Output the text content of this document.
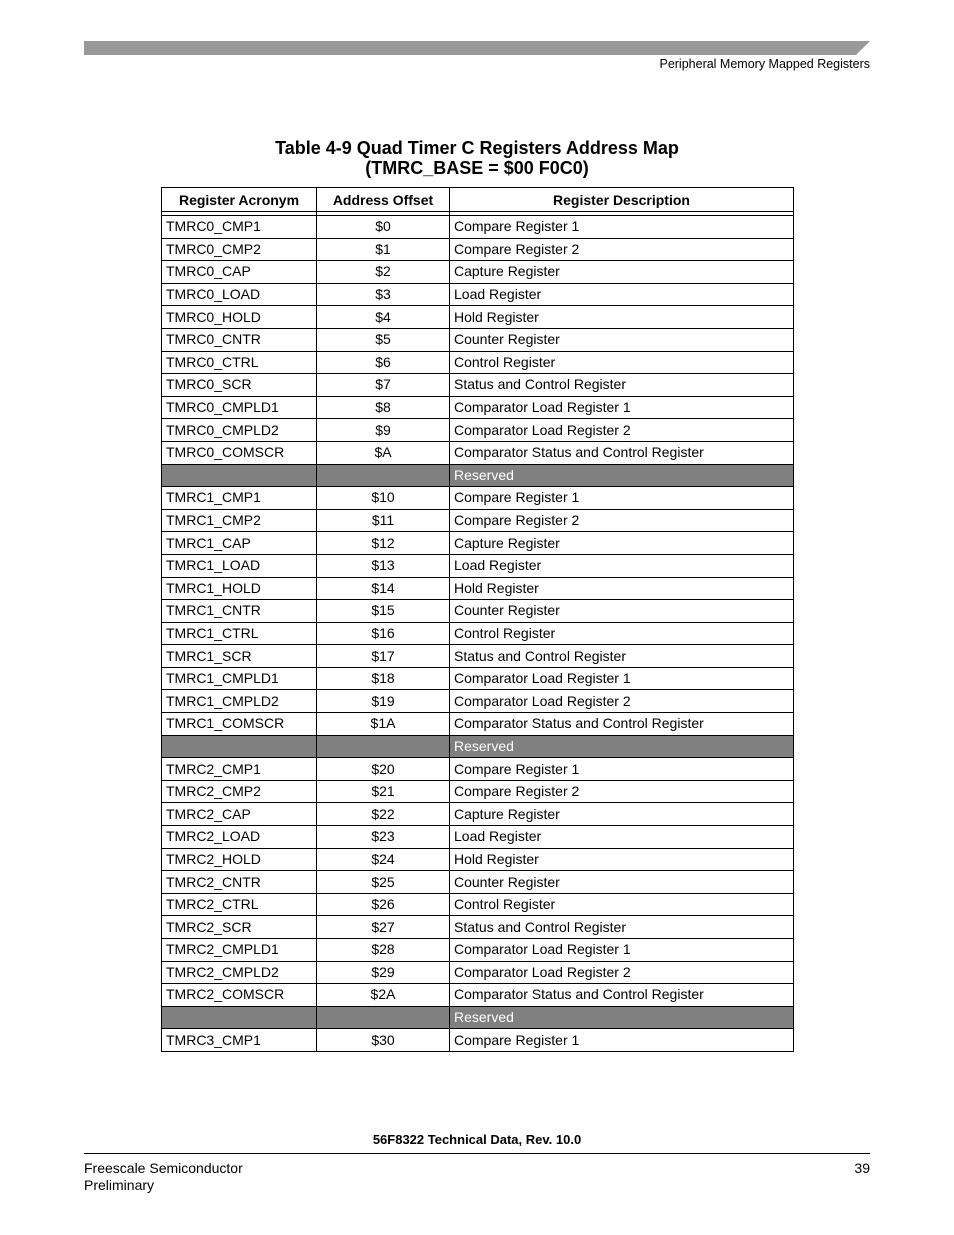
Peripheral Memory Mapped Registers
Table 4-9 Quad Timer C Registers Address Map
(TMRC_BASE = $00 F0C0)
Register Acronym	Address Offset	Register Description

TMRC0_CMP1	$0	Compare Register 1
TMRC0_CMP2	$1	Compare Register 2
TMRC0_CAP	$2	Capture Register
TMRC0_LOAD	$3	Load Register
TMRC0_HOLD	$4	Hold Register
TMRC0_CNTR	$5	Counter Register
TMRC0_CTRL	$6	Control Register
TMRC0_SCR	$7	Status and Control Register
TMRC0_CMPLD1	$8	Comparator Load Register 1
TMRC0_CMPLD2	$9	Comparator Load Register 2
TMRC0_COMSCR	$A	Comparator Status and Control Register
		Reserved
TMRC1_CMP1	$10	Compare Register 1
TMRC1_CMP2	$11	Compare Register 2
TMRC1_CAP	$12	Capture Register
TMRC1_LOAD	$13	Load Register
TMRC1_HOLD	$14	Hold Register
TMRC1_CNTR	$15	Counter Register
TMRC1_CTRL	$16	Control Register
TMRC1_SCR	$17	Status and Control Register
TMRC1_CMPLD1	$18	Comparator Load Register 1
TMRC1_CMPLD2	$19	Comparator Load Register 2
TMRC1_COMSCR	$1A	Comparator Status and Control Register
		Reserved
TMRC2_CMP1	$20	Compare Register 1
TMRC2_CMP2	$21	Compare Register 2
TMRC2_CAP	$22	Capture Register
TMRC2_LOAD	$23	Load Register
TMRC2_HOLD	$24	Hold Register
TMRC2_CNTR	$25	Counter Register
TMRC2_CTRL	$26	Control Register
TMRC2_SCR	$27	Status and Control Register
TMRC2_CMPLD1	$28	Comparator Load Register 1
TMRC2_CMPLD2	$29	Comparator Load Register 2
TMRC2_COMSCR	$2A	Comparator Status and Control Register
		Reserved
TMRC3_CMP1	$30	Compare Register 1
56F8322 Technical Data, Rev. 10.0
Freescale Semiconductor
Preliminary
39
